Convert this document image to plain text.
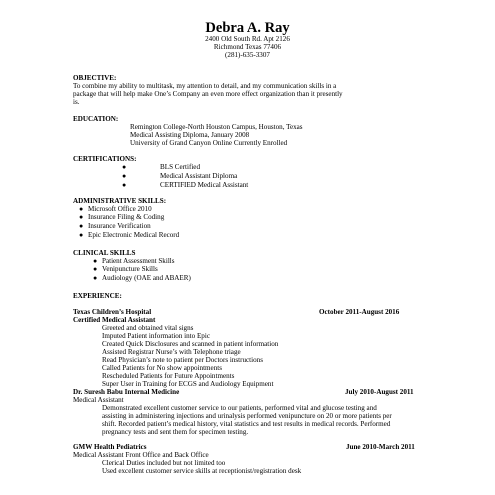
Debra A. Ray
2400 Old South Rd. Apt 2126
Richmond Texas 77406
(281)-635-3307
OBJECTIVE:
To combine my ability to multitask, my attention to detail, and my communication skills in a
package that will help make One’s Company an even more effect organization than it presently
is.
EDUCATION:
Remington College-North Houston Campus, Houston, Texas
Medical Assisting Diploma, January 2008
University of Grand Canyon Online Currently Enrolled
CERTIFICATIONS:
●	BLS Certified
●	Medical Assistant Diploma
●	CERTIFIED Medical Assistant
ADMINISTRATIVE SKILLS:
● Microsoft Office 2010
● Insurance Filing & Coding
● Insurance Verification
● Epic Electronic Medical Record
CLINICAL SKILLS
● Patient Assessment Skills
● Venipuncture Skills
● Audiology (OAE and ABAER)
EXPERIENCE:
Texas Children’s Hospital	October 2011-August 2016
Certified Medical Assistant
Greeted and obtained vital signs
Imputed Patient information into Epic
Created Quick Disclosures and scanned in patient information
Assisted Registrar Nurse’s with Telephone triage
Read Physician’s note to patient per Doctors instructions
Called Patients for No show appointments
Rescheduled Patients for Future Appointments
Super User in Training for ECGS and Audiology Equipment
Dr. Suresh Babu Internal Medicine	July 2010-August 2011
Medical Assistant
Demonstrated excellent customer service to our patients, performed vital and glucose testing and
assisting in administering injections and urinalysis performed venipuncture on 20 or more patients per
shift. Recorded patient’s medical history, vital statistics and test results in medical records. Performed
pregnancy tests and sent them for specimen testing.
GMW Health Pediatrics	June 2010-March 2011
Medical Assistant Front Office and Back Office
Clerical Duties included but not limited too
Used excellent customer service skills at receptionist/registration desk
